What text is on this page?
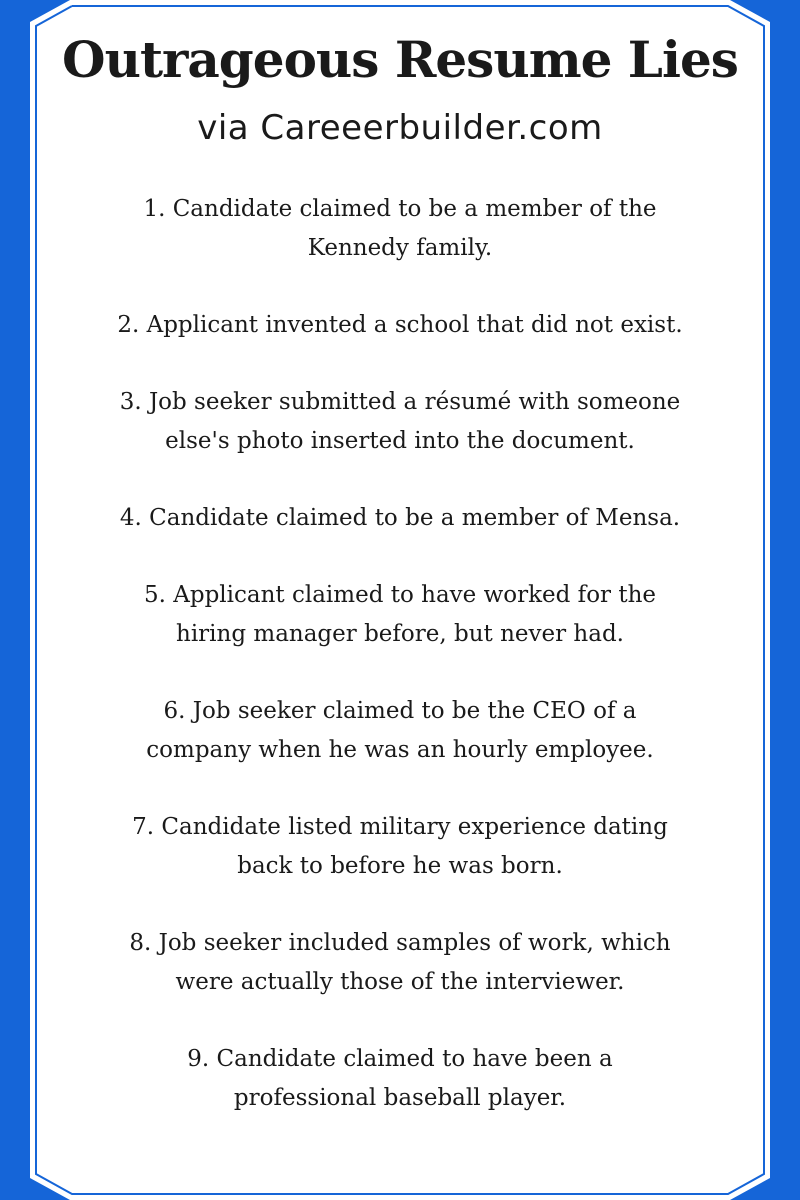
Outrageous Resume Lies

via Careeerbuilder.com

1. Candidate claimed to be a member of the
Kennedy family.
2. Applicant invented a school that did not exist.
3. Job seeker submitted a résumé with someone
else's photo inserted into the document.
4. Candidate claimed to be a member of Mensa.
5. Applicant claimed to have worked for the
hiring manager before, but never had.
6. Job seeker claimed to be the CEO of a
company when he was an hourly employee.
7. Candidate listed military experience dating
back to before he was born.
8. Job seeker included samples of work, which
were actually those of the interviewer.
9. Candidate claimed to have been a
professional baseball player.
